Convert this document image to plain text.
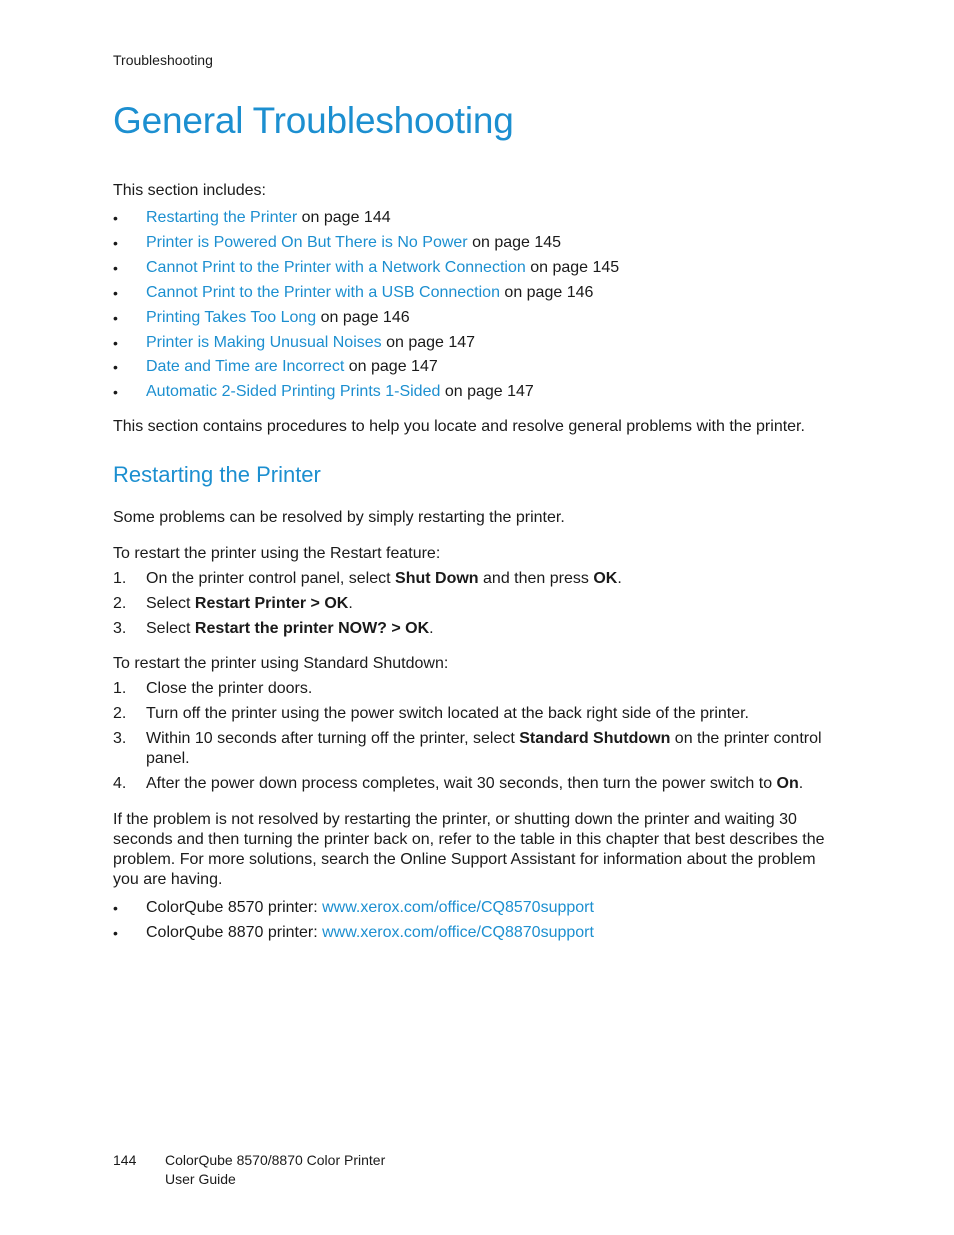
Troubleshooting
General Troubleshooting

This section includes:

• Restarting the Printer on page 144
• Printer is Powered On But There is No Power on page 145
• Cannot Print to the Printer with a Network Connection on page 145
• Cannot Print to the Printer with a USB Connection on page 146
• Printing Takes Too Long on page 146
• Printer is Making Unusual Noises on page 147
• Date and Time are Incorrect on page 147
• Automatic 2-Sided Printing Prints 1-Sided on page 147

This section contains procedures to help you locate and resolve general problems with the printer.

Restarting the Printer

Some problems can be resolved by simply restarting the printer.

To restart the printer using the Restart feature:

1. On the printer control panel, select Shut Down and then press OK.
2. Select Restart Printer > OK.
3. Select Restart the printer NOW? > OK.

To restart the printer using Standard Shutdown:

1. Close the printer doors.
2. Turn off the printer using the power switch located at the back right side of the printer.
3. Within 10 seconds after turning off the printer, select Standard Shutdown on the printer control panel.
4. After the power down process completes, wait 30 seconds, then turn the power switch to On.

If the problem is not resolved by restarting the printer, or shutting down the printer and waiting 30 seconds and then turning the printer back on, refer to the table in this chapter that best describes the problem. For more solutions, search the Online Support Assistant for information about the problem you are having.

• ColorQube 8570 printer: www.xerox.com/office/CQ8570support
• ColorQube 8870 printer: www.xerox.com/office/CQ8870support
144 ColorQube 8570/8870 Color Printer
User Guide
